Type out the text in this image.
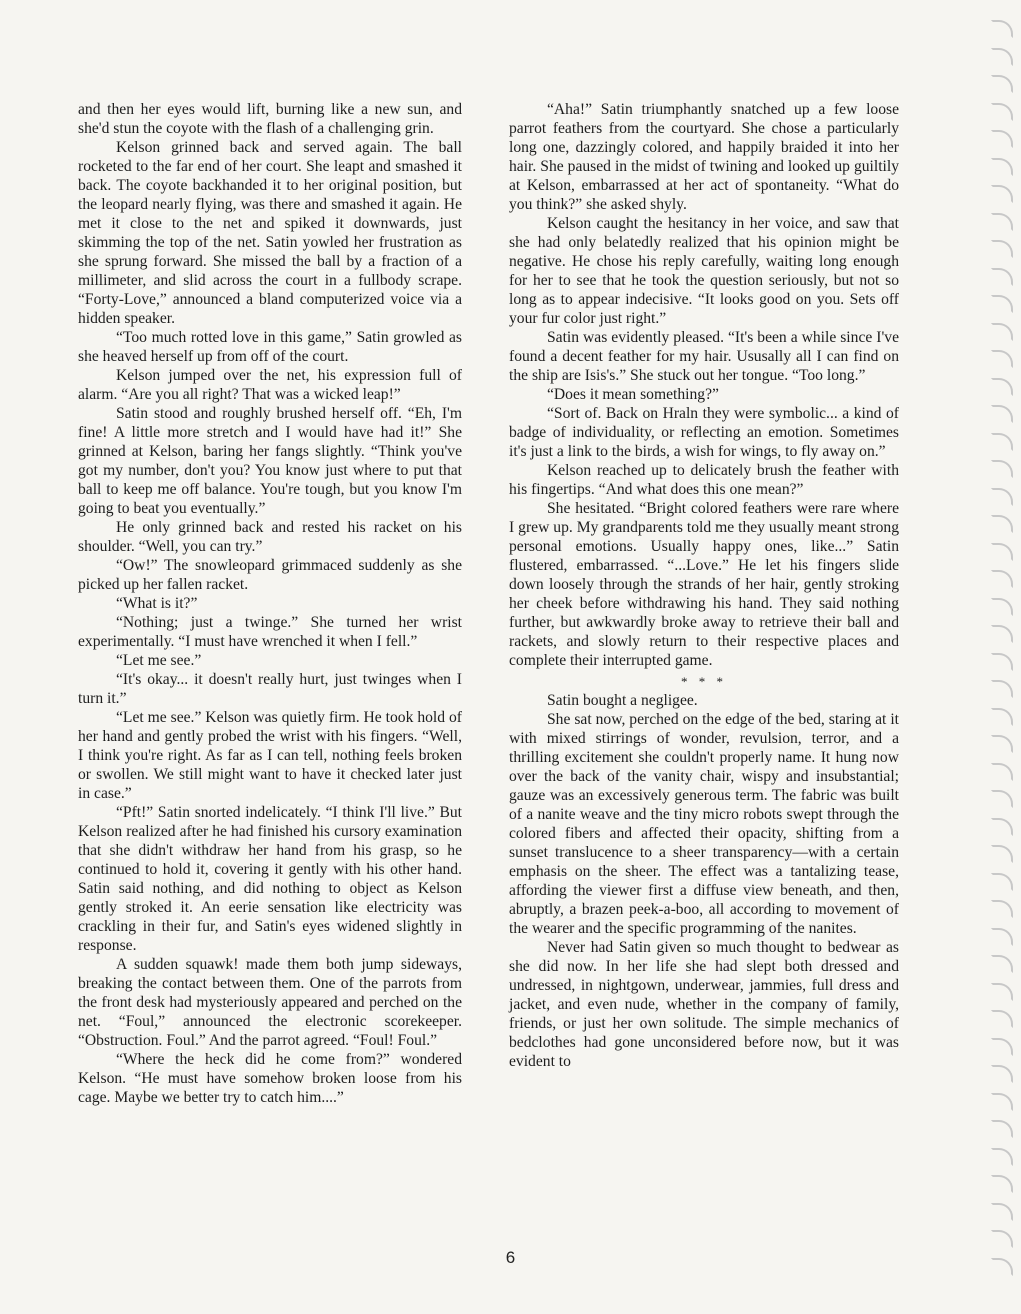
and then her eyes would lift, burning like a new sun, and she'd stun the coyote with the flash of a challenging grin.

Kelson grinned back and served again. The ball rocketed to the far end of her court. She leapt and smashed it back. The coyote backhanded it to her original position, but the leopard nearly flying, was there and smashed it again. He met it close to the net and spiked it downwards, just skimming the top of the net. Satin yowled her frustration as she sprung forward. She missed the ball by a fraction of a millimeter, and slid across the court in a fullbody scrape. “Forty-Love,” announced a bland computerized voice via a hidden speaker.

“Too much rotted love in this game,” Satin growled as she heaved herself up from off of the court.

Kelson jumped over the net, his expression full of alarm. “Are you all right? That was a wicked leap!”

Satin stood and roughly brushed herself off. “Eh, I'm fine! A little more stretch and I would have had it!” She grinned at Kelson, baring her fangs slightly. “Think you've got my number, don't you? You know just where to put that ball to keep me off balance. You're tough, but you know I'm going to beat you eventually.”

He only grinned back and rested his racket on his shoulder. “Well, you can try.”

“Ow!” The snowleopard grimmaced suddenly as she picked up her fallen racket.

“What is it?”

“Nothing; just a twinge.” She turned her wrist experimentally. “I must have wrenched it when I fell.”

“Let me see.”

“It's okay... it doesn't really hurt, just twinges when I turn it.”

“Let me see.” Kelson was quietly firm. He took hold of her hand and gently probed the wrist with his fingers. “Well, I think you're right. As far as I can tell, nothing feels broken or swollen. We still might want to have it checked later just in case.”

“Pft!” Satin snorted indelicately. “I think I'll live.” But Kelson realized after he had finished his cursory examination that she didn't withdraw her hand from his grasp, so he continued to hold it, covering it gently with his other hand. Satin said nothing, and did nothing to object as Kelson gently stroked it. An eerie sensation like electricity was crackling in their fur, and Satin's eyes widened slightly in response.

A sudden squawk! made them both jump sideways, breaking the contact between them. One of the parrots from the front desk had mysteriously appeared and perched on the net. “Foul,” announced the electronic scorekeeper. “Obstruction. Foul.” And the parrot agreed. “Foul! Foul.”

“Where the heck did he come from?” wondered Kelson. “He must have somehow broken loose from his cage. Maybe we better try to catch him....”

“Aha!” Satin triumphantly snatched up a few loose parrot feathers from the courtyard. She chose a particularly long one, dazzingly colored, and happily braided it into her hair. She paused in the midst of twining and looked up guiltily at Kelson, embarrassed at her act of spontaneity. “What do you think?” she asked shyly.

Kelson caught the hesitancy in her voice, and saw that she had only belatedly realized that his opinion might be negative. He chose his reply carefully, waiting long enough for her to see that he took the question seriously, but not so long as to appear indecisive. “It looks good on you. Sets off your fur color just right.”

Satin was evidently pleased. “It's been a while since I've found a decent feather for my hair. Ususally all I can find on the ship are Isis's.” She stuck out her tongue. “Too long.”

“Does it mean something?”

“Sort of. Back on Hraln they were symbolic... a kind of badge of individuality, or reflecting an emotion. Sometimes it's just a link to the birds, a wish for wings, to fly away on.”

Kelson reached up to delicately brush the feather with his fingertips. “And what does this one mean?”

She hesitated. “Bright colored feathers were rare where I grew up. My grandparents told me they usually meant strong personal emotions. Usually happy ones, like...” Satin flustered, embarrassed. “...Love.” He let his fingers slide down loosely through the strands of her hair, gently stroking her cheek before withdrawing his hand. They said nothing further, but awkwardly broke away to retrieve their ball and rackets, and slowly return to their respective places and complete their interrupted game.

* * *

Satin bought a negligee.

She sat now, perched on the edge of the bed, staring at it with mixed stirrings of wonder, revulsion, terror, and a thrilling excitement she couldn't properly name. It hung now over the back of the vanity chair, wispy and insubstantial; gauze was an excessively generous term. The fabric was built of a nanite weave and the tiny micro robots swept through the colored fibers and affected their opacity, shifting from a sunset translucence to a sheer transparency—with a certain emphasis on the sheer. The effect was a tantalizing tease, affording the viewer first a diffuse view beneath, and then, abruptly, a brazen peek-a-boo, all according to movement of the wearer and the specific programming of the nanites.

Never had Satin given so much thought to bedwear as she did now. In her life she had slept both dressed and undressed, in nightgown, underwear, jammies, full dress and jacket, and even nude, whether in the company of family, friends, or just her own solitude. The simple mechanics of bedclothes had gone unconsidered before now, but it was evident to

6
